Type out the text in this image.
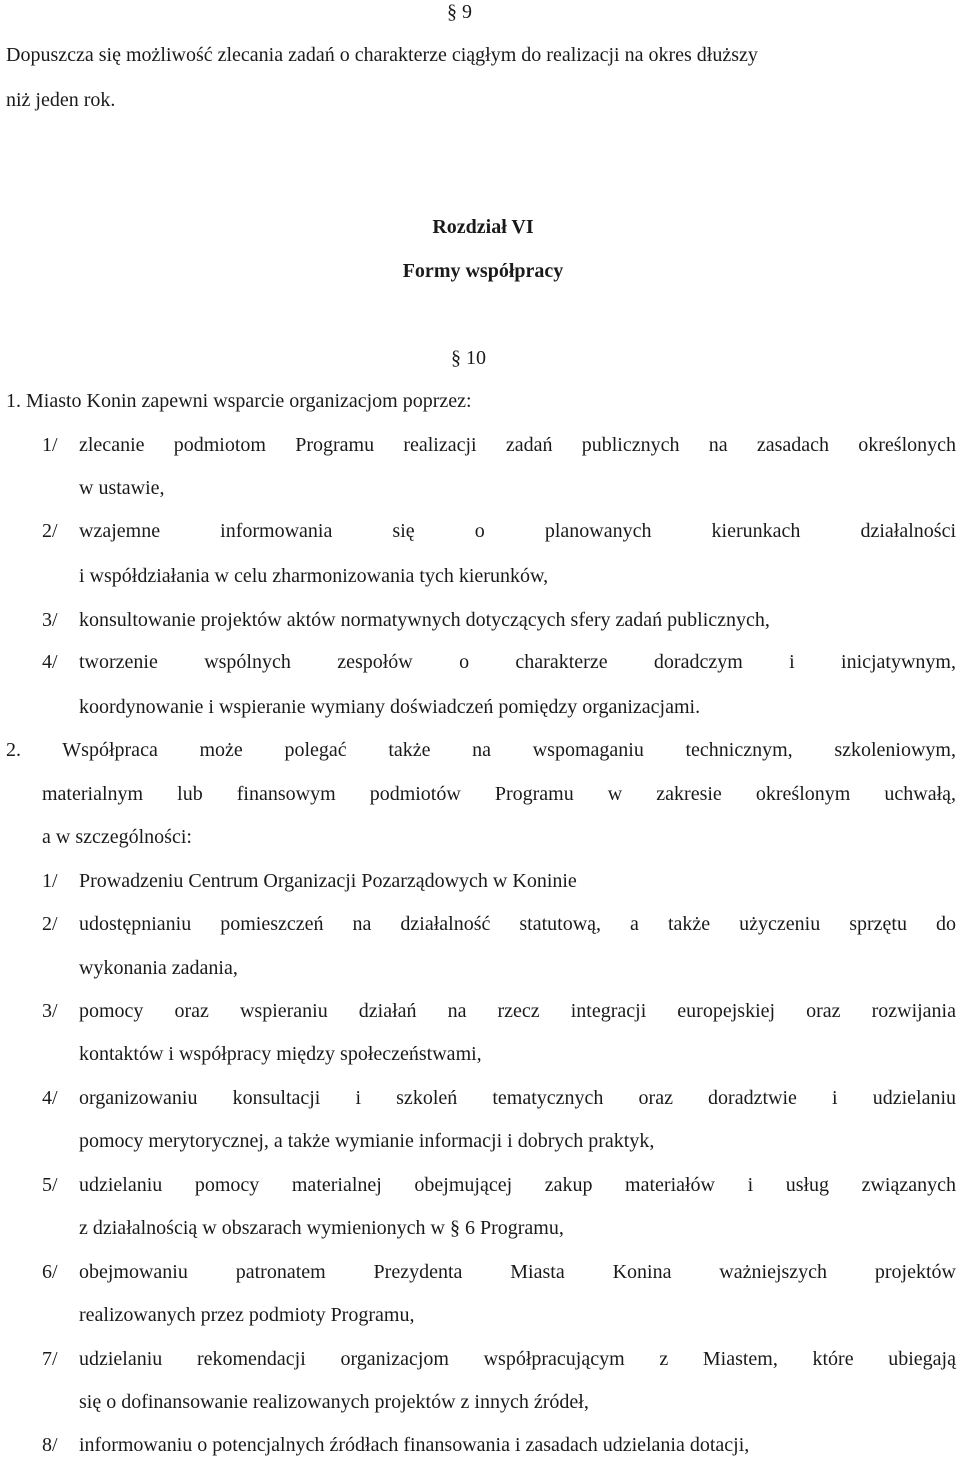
§ 9
Dopuszcza się możliwość zlecania zadań o charakterze ciągłym do realizacji na okres dłuższy
niż jeden rok.
Rozdział VI
Formy współpracy
§ 10
1. Miasto Konin zapewni wsparcie organizacjom poprzez:
1/ zlecanie podmiotom Programu realizacji zadań publicznych na zasadach określonych
w ustawie,
2/ wzajemne informowania się o planowanych kierunkach działalności
i współdziałania w celu zharmonizowania tych kierunków,
3/ konsultowanie projektów aktów normatywnych dotyczących sfery zadań publicznych,
4/ tworzenie wspólnych zespołów o charakterze doradczym i inicjatywnym,
koordynowanie i wspieranie wymiany doświadczeń pomiędzy organizacjami.
2. Współpraca może polegać także na wspomaganiu technicznym, szkoleniowym,
materialnym lub finansowym podmiotów Programu w zakresie określonym uchwałą,
a w szczególności:
1/ Prowadzeniu Centrum Organizacji Pozarządowych w Koninie
2/ udostępnianiu pomieszczeń na działalność statutową, a także użyczeniu sprzętu do
wykonania zadania,
3/ pomocy oraz wspieraniu działań na rzecz integracji europejskiej oraz rozwijania
kontaktów i współpracy między społeczeństwami,
4/ organizowaniu konsultacji i szkoleń tematycznych oraz doradztwie i udzielaniu
pomocy merytorycznej, a także wymianie informacji i dobrych praktyk,
5/ udzielaniu pomocy materialnej obejmującej zakup materiałów i usług związanych
z działalnością w obszarach wymienionych w § 6 Programu,
6/ obejmowaniu patronatem Prezydenta Miasta Konina ważniejszych projektów
realizowanych przez podmioty Programu,
7/ udzielaniu rekomendacji organizacjom współpracującym z Miastem, które ubiegają
się o dofinansowanie realizowanych projektów z innych źródeł,
8/ informowaniu o potencjalnych źródłach finansowania i zasadach udzielania dotacji,
